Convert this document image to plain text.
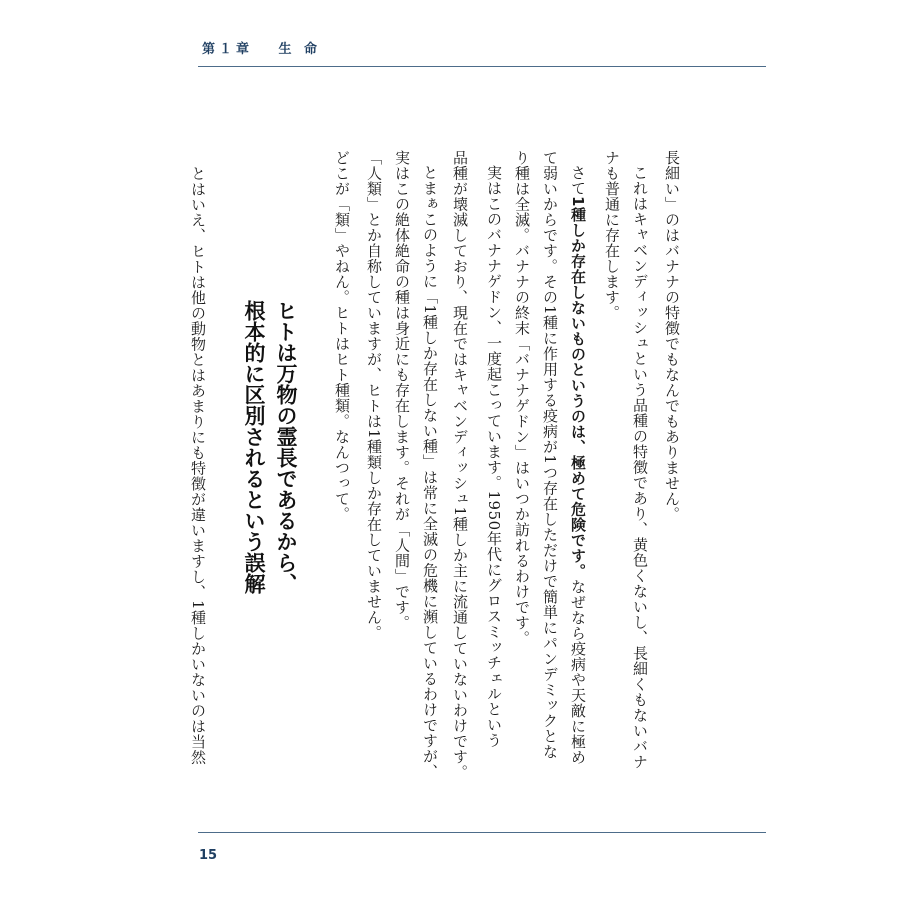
第１章　 生 命
長細い」のはバナナの特徴でもなんでもありません。
これはキャベンディッシュという品種の特徴であり、黄色くないし、長細くもないバナ
ナも普通に存在します。
さて1種しか存在しないものというのは、極めて危険です。なぜなら疫病や天敵に極め
て弱いからです。その1種に作用する疫病が1つ存在しただけで簡単にパンデミックとな
り種は全滅。バナナの終末「バナナゲドン」はいつか訪れるわけです。
実はこのバナナゲドン、一度起こっています。1950年代にグロスミッチェルという
品種が壊滅しており、現在ではキャベンディッシュ1種しか主に流通していないわけです。
とまぁこのように「1種しか存在しない種」は常に全滅の危機に瀕しているわけですが、
実はこの絶体絶命の種は身近にも存在します。それが「人間」です。
「人類」とか自称していますが、ヒトは1種類しか存在していません。
どこが「類」やねん。ヒトはヒト種類。なんつって。
とはいえ、ヒトは他の動物とはあまりにも特徴が違いますし、1種しかいないのは当然	ヒトは万物の霊長であるから、
根本的に区別されるという誤解
15
